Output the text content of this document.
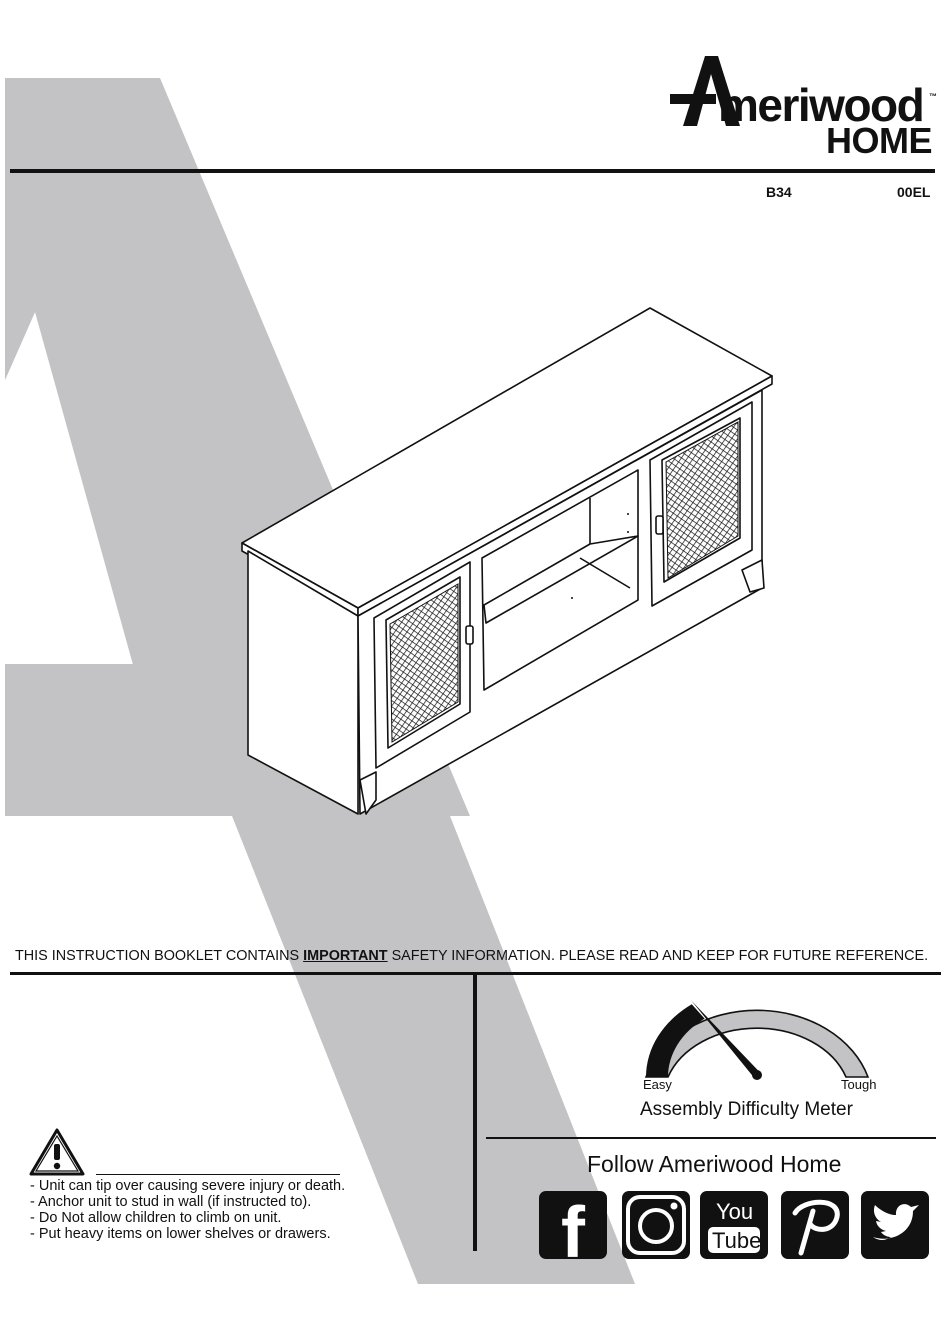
meriwood ™
HOME
B34	00EL
THIS INSTRUCTION BOOKLET CONTAINS IMPORTANT SAFETY INFORMATION. PLEASE READ AND KEEP FOR FUTURE REFERENCE.
Easy	Tough
Assembly Difficulty Meter
Follow Ameriwood Home
f	You
Tube
- Unit can tip over causing severe injury or death.
- Anchor unit to stud in wall (if instructed to).
- Do Not allow children to climb on unit.
- Put heavy items on lower shelves or drawers.
